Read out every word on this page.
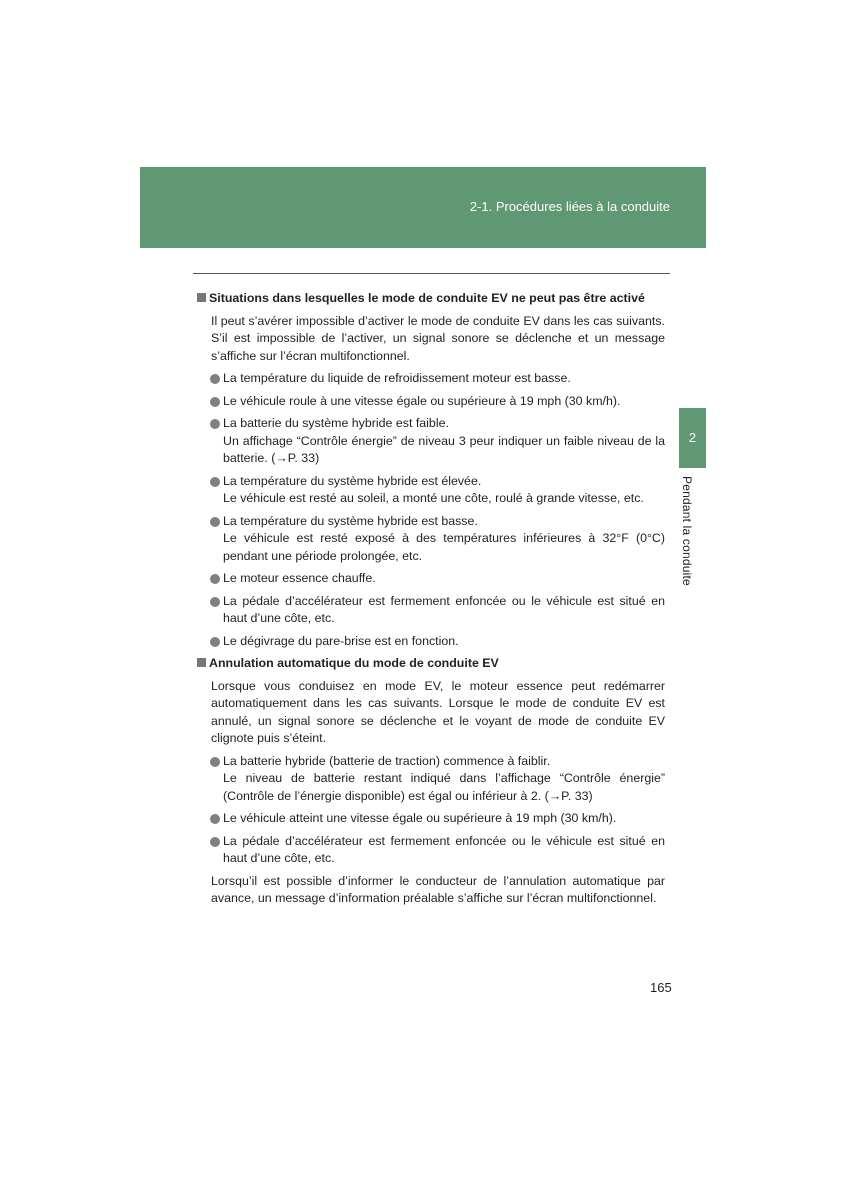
2-1. Procédures liées à la conduite
2
Pendant la conduite
Situations dans lesquelles le mode de conduite EV ne peut pas être activé

Il peut s’avérer impossible d’activer le mode de conduite EV dans les cas suivants. S’il est impossible de l’activer, un signal sonore se déclenche et un message s’affiche sur l’écran multifonctionnel.

La température du liquide de refroidissement moteur est basse.
Le véhicule roule à une vitesse égale ou supérieure à 19 mph (30 km/h).
La batterie du système hybride est faible.
Un affichage “Contrôle énergie” de niveau 3 peur indiquer un faible niveau de la batterie. (→P. 33)
La température du système hybride est élevée.
Le véhicule est resté au soleil, a monté une côte, roulé à grande vitesse, etc.
La température du système hybride est basse.
Le véhicule est resté exposé à des températures inférieures à 32°F (0°C) pendant une période prolongée, etc.
Le moteur essence chauffe.
La pédale d’accélérateur est fermement enfoncée ou le véhicule est situé en haut d’une côte, etc.
Le dégivrage du pare-brise est en fonction.
Annulation automatique du mode de conduite EV

Lorsque vous conduisez en mode EV, le moteur essence peut redémarrer automatiquement dans les cas suivants. Lorsque le mode de conduite EV est annulé, un signal sonore se déclenche et le voyant de mode de conduite EV clignote puis s’éteint.

La batterie hybride (batterie de traction) commence à faiblir.
Le niveau de batterie restant indiqué dans l’affichage “Contrôle énergie” (Contrôle de l’énergie disponible) est égal ou inférieur à 2. (→P. 33)
Le véhicule atteint une vitesse égale ou supérieure à 19 mph (30 km/h).
La pédale d’accélérateur est fermement enfoncée ou le véhicule est situé en haut d’une côte, etc.

Lorsqu’il est possible d’informer le conducteur de l’annulation automatique par avance, un message d’information préalable s’affiche sur l’écran multifonctionnel.

165
